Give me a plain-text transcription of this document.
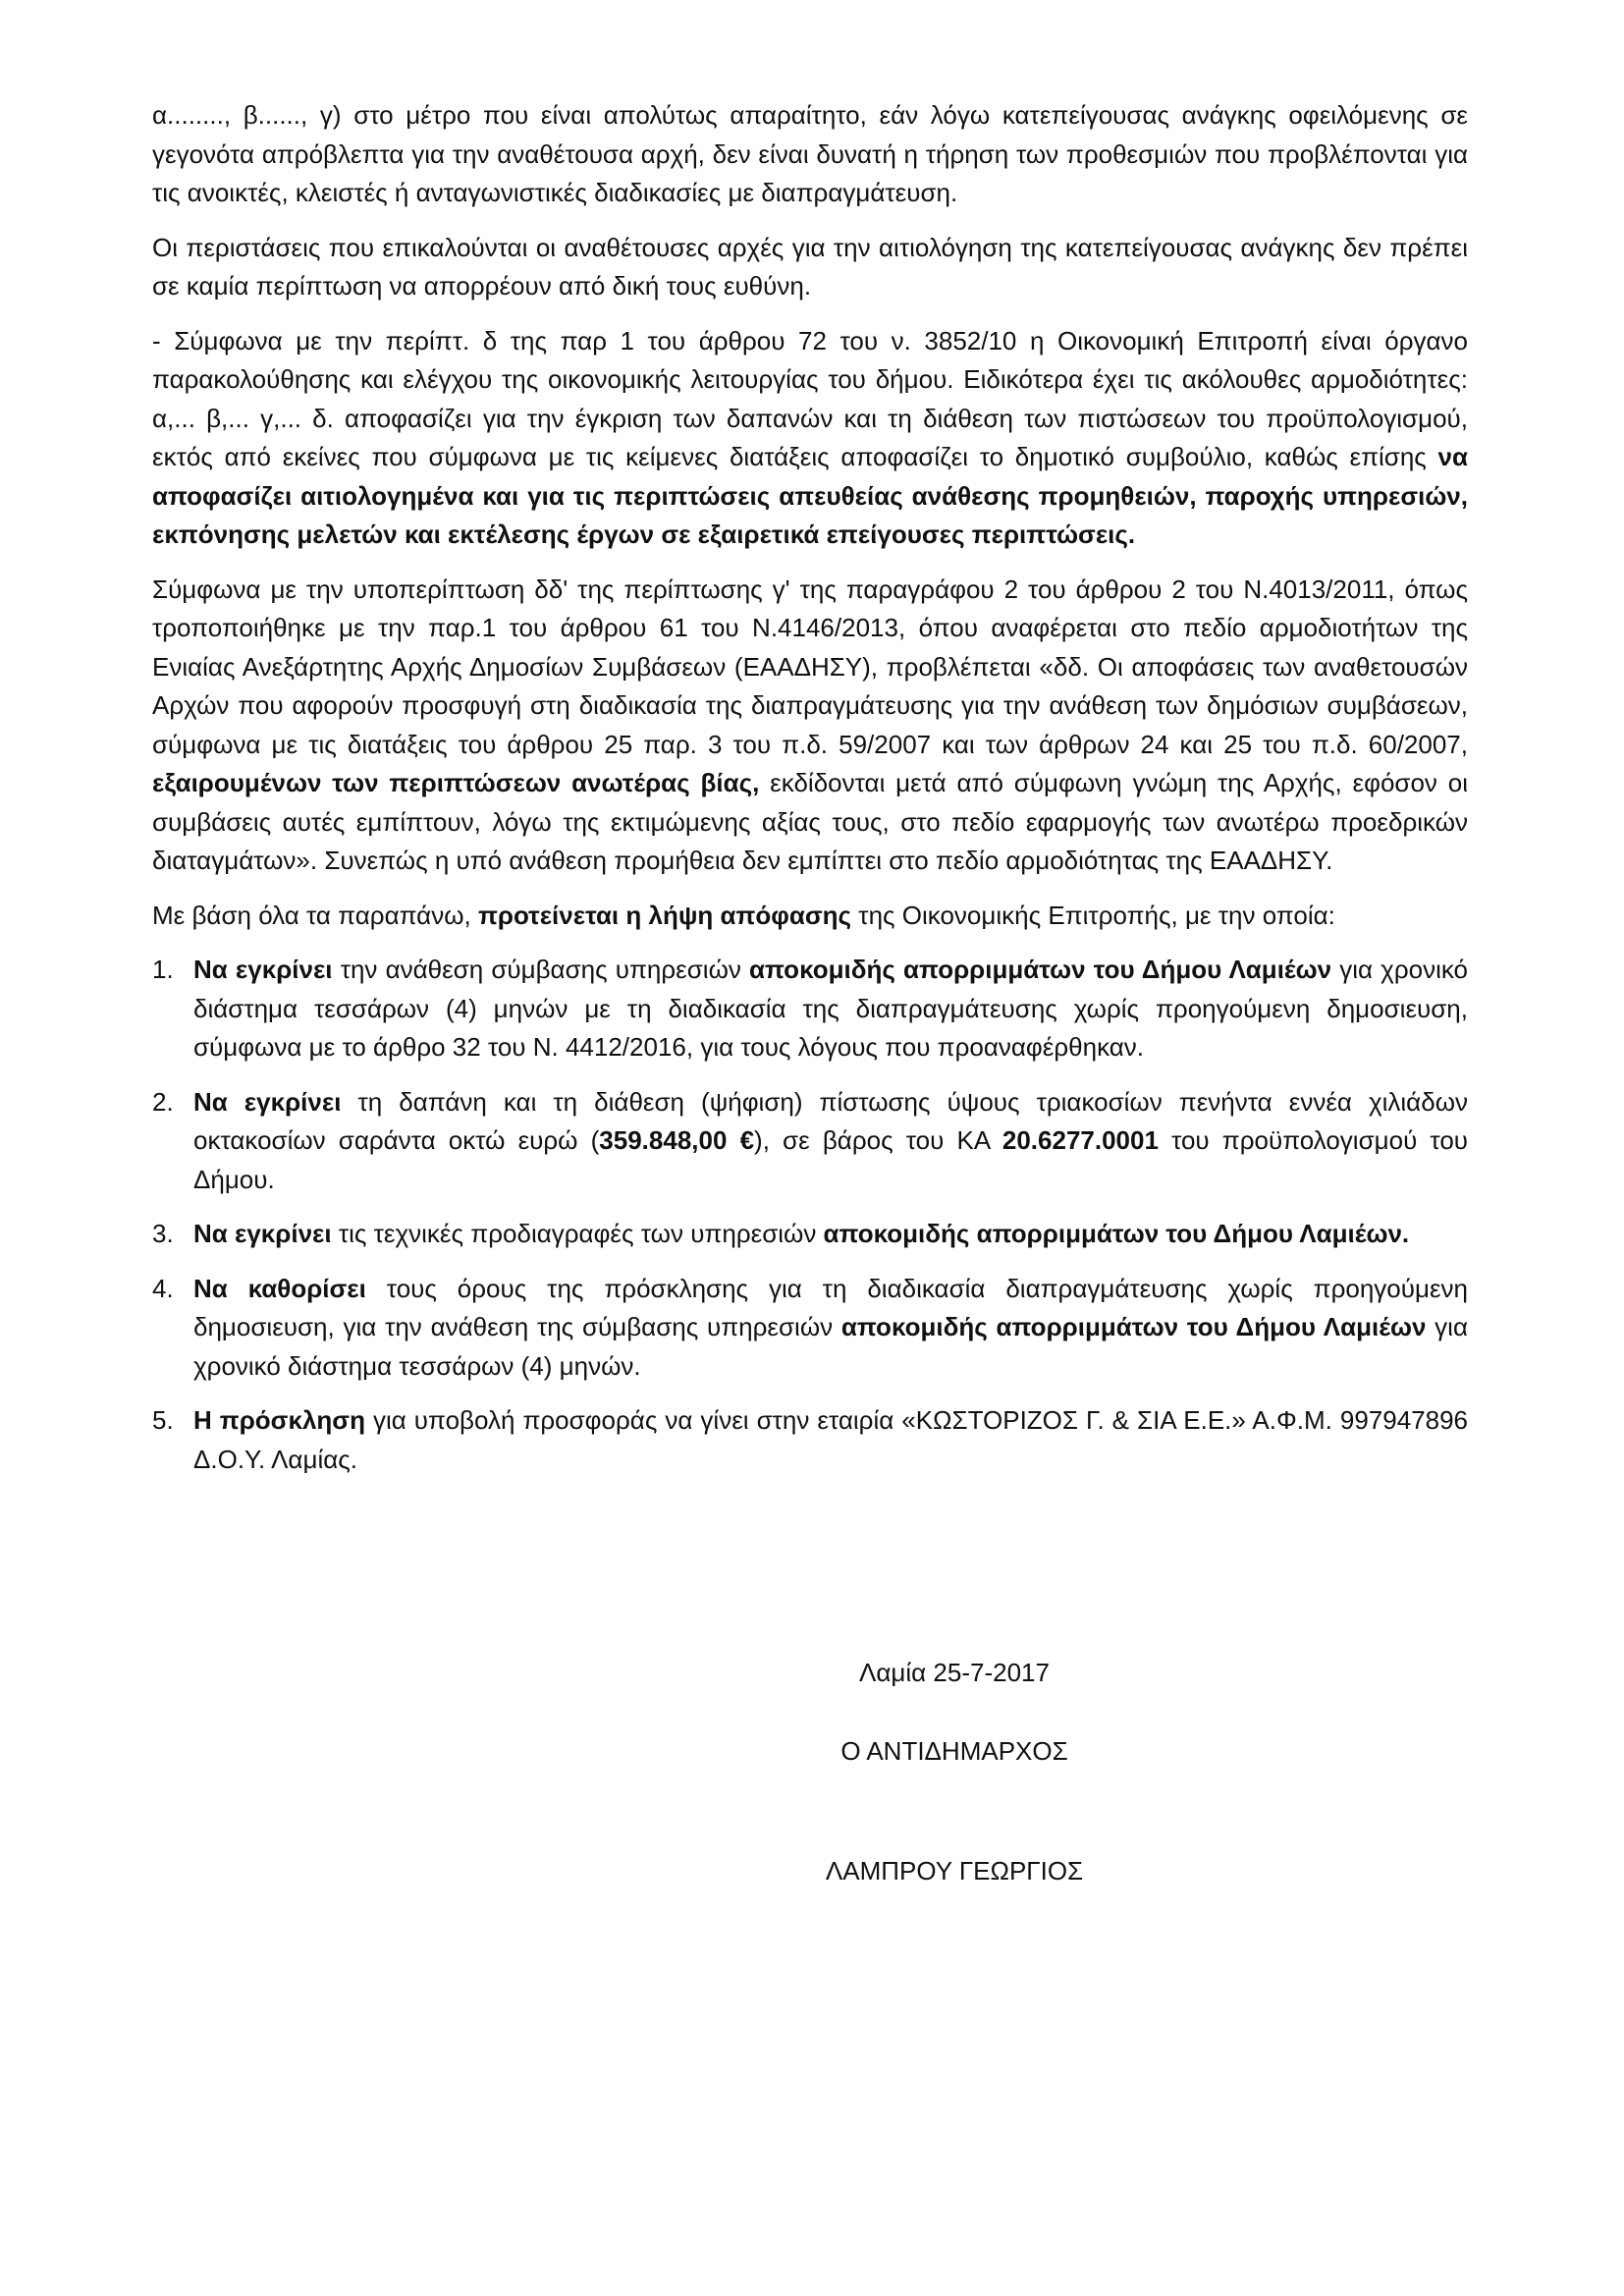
α........, β......, γ) στο μέτρο που είναι απολύτως απαραίτητο, εάν λόγω κατεπείγουσας ανάγκης οφειλόμενης σε γεγονότα απρόβλεπτα για την αναθέτουσα αρχή, δεν είναι δυνατή η τήρηση των προθεσμιών που προβλέπονται για τις ανοικτές, κλειστές ή ανταγωνιστικές διαδικασίες με διαπραγμάτευση.

Οι περιστάσεις που επικαλούνται οι αναθέτουσες αρχές για την αιτιολόγηση της κατεπείγουσας ανάγκης δεν πρέπει σε καμία περίπτωση να απορρέουν από δική τους ευθύνη.

- Σύμφωνα με την περίπτ. δ της παρ 1 του άρθρου 72 του ν. 3852/10 η Οικονομική Επιτροπή είναι όργανο παρακολούθησης και ελέγχου της οικονομικής λειτουργίας του δήμου. Ειδικότερα έχει τις ακόλουθες αρμοδιότητες: α,... β,... γ,... δ. αποφασίζει για την έγκριση των δαπανών και τη διάθεση των πιστώσεων του προϋπολογισμού, εκτός από εκείνες που σύμφωνα με τις κείμενες διατάξεις αποφασίζει το δημοτικό συμβούλιο, καθώς επίσης να αποφασίζει αιτιολογημένα και για τις περιπτώσεις απευθείας ανάθεσης προμηθειών, παροχής υπηρεσιών, εκπόνησης μελετών και εκτέλεσης έργων σε εξαιρετικά επείγουσες περιπτώσεις.

Σύμφωνα με την υποπερίπτωση δδ' της περίπτωσης γ' της παραγράφου 2 του άρθρου 2 του Ν.4013/2011, όπως τροποποιήθηκε με την παρ.1 του άρθρου 61 του Ν.4146/2013, όπου αναφέρεται στο πεδίο αρμοδιοτήτων της Ενιαίας Ανεξάρτητης Αρχής Δημοσίων Συμβάσεων (ΕΑΑΔΗΣΥ), προβλέπεται «δδ. Οι αποφάσεις των αναθετουσών Αρχών που αφορούν προσφυγή στη διαδικασία της διαπραγμάτευσης για την ανάθεση των δημόσιων συμβάσεων, σύμφωνα με τις διατάξεις του άρθρου 25 παρ. 3 του π.δ. 59/2007 και των άρθρων 24 και 25 του π.δ. 60/2007, εξαιρουμένων των περιπτώσεων ανωτέρας βίας, εκδίδονται μετά από σύμφωνη γνώμη της Αρχής, εφόσον οι συμβάσεις αυτές εμπίπτουν, λόγω της εκτιμώμενης αξίας τους, στο πεδίο εφαρμογής των ανωτέρω προεδρικών διαταγμάτων». Συνεπώς η υπό ανάθεση προμήθεια δεν εμπίπτει στο πεδίο αρμοδιότητας της ΕΑΑΔΗΣΥ.

Με βάση όλα τα παραπάνω, προτείνεται η λήψη απόφασης της Οικονομικής Επιτροπής, με την οποία:

1. Να εγκρίνει την ανάθεση σύμβασης υπηρεσιών αποκομιδής απορριμμάτων του Δήμου Λαμιέων για χρονικό διάστημα τεσσάρων (4) μηνών με τη διαδικασία της διαπραγμάτευσης χωρίς προηγούμενη δημοσιευση, σύμφωνα με το άρθρο 32 του Ν. 4412/2016, για τους λόγους που προαναφέρθηκαν.
2. Να εγκρίνει τη δαπάνη και τη διάθεση (ψήφιση) πίστωσης ύψους τριακοσίων πενήντα εννέα χιλιάδων οκτακοσίων σαράντα οκτώ ευρώ (359.848,00 €), σε βάρος του ΚΑ 20.6277.0001 του προϋπολογισμού του Δήμου.
3. Να εγκρίνει τις τεχνικές προδιαγραφές των υπηρεσιών αποκομιδής απορριμμάτων του Δήμου Λαμιέων.
4. Να καθορίσει τους όρους της πρόσκλησης για τη διαδικασία διαπραγμάτευσης χωρίς προηγούμενη δημοσιευση, για την ανάθεση της σύμβασης υπηρεσιών αποκομιδής απορριμμάτων του Δήμου Λαμιέων για χρονικό διάστημα τεσσάρων (4) μηνών.
5. Η πρόσκληση για υποβολή προσφοράς να γίνει στην εταιρία «ΚΩΣΤΟΡΙΖΟΣ Γ. & ΣΙΑ Ε.Ε.» Α.Φ.Μ. 997947896 Δ.Ο.Υ. Λαμίας.
Λαμία 25-7-2017
Ο ΑΝΤΙΔΗΜΑΡΧΟΣ
ΛΑΜΠΡΟΥ ΓΕΩΡΓΙΟΣ
